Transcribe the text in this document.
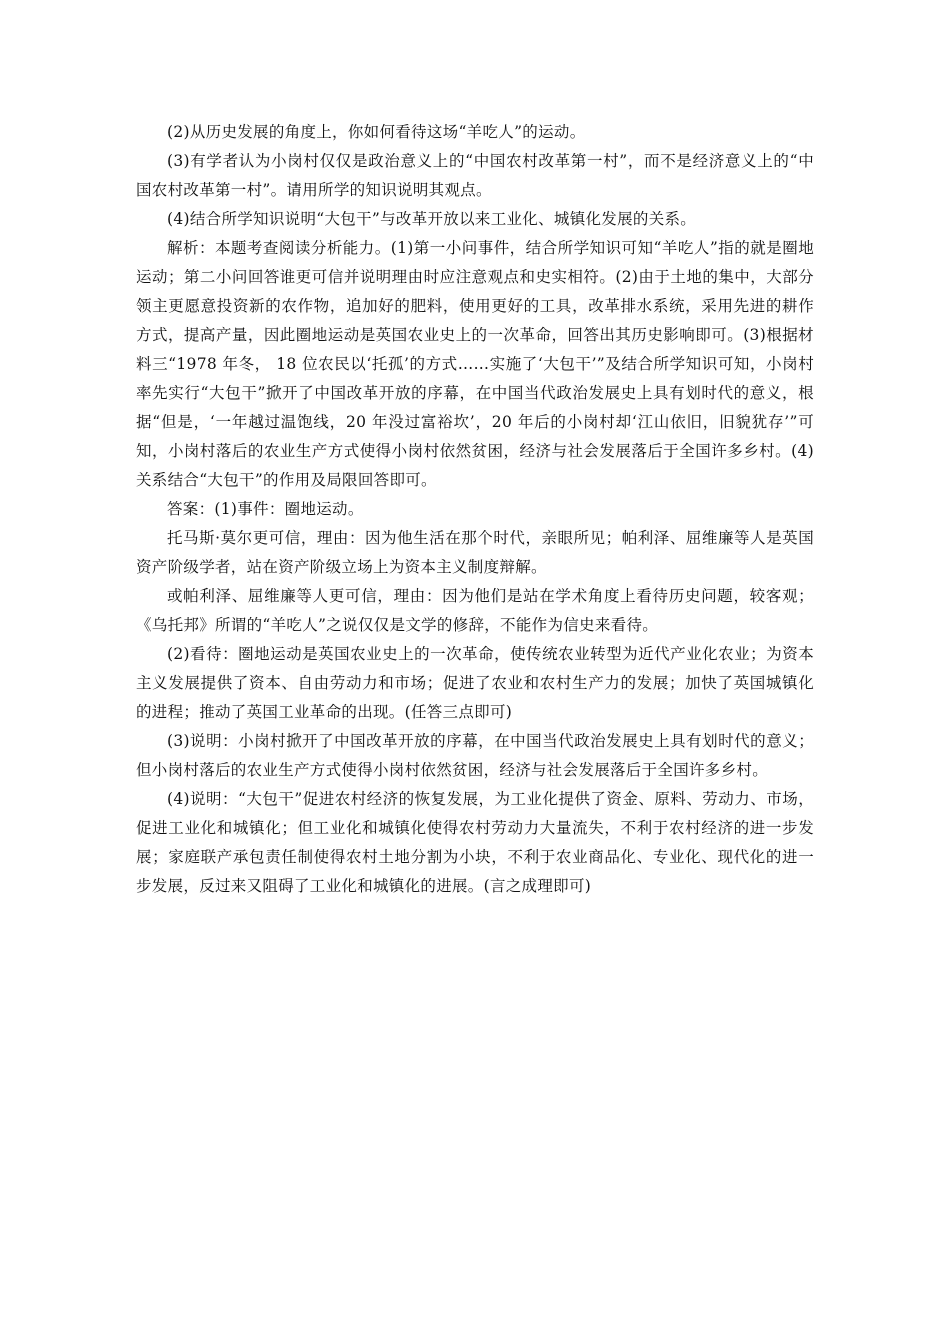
(2)从历史发展的角度上，你如何看待这场“羊吃人”的运动。

(3)有学者认为小岗村仅仅是政治意义上的“中国农村改革第一村”，而不是经济意义上的“中国农村改革第一村”。请用所学的知识说明其观点。

(4)结合所学知识说明“大包干”与改革开放以来工业化、城镇化发展的关系。

解析：本题考查阅读分析能力。(1)第一小问事件，结合所学知识可知“羊吃人”指的就是圈地运动；第二小问回答谁更可信并说明理由时应注意观点和史实相符。(2)由于土地的集中，大部分领主更愿意投资新的农作物，追加好的肥料，使用更好的工具，改革排水系统，采用先进的耕作方式，提高产量，因此圈地运动是英国农业史上的一次革命，回答出其历史影响即可。(3)根据材料三“1978 年冬， 18 位农民以‘托孤’的方式……实施了‘大包干’”及结合所学知识可知，小岗村率先实行“大包干”掀开了中国改革开放的序幕，在中国当代政治发展史上具有划时代的意义，根据“但是，‘一年越过温饱线，20 年没过富裕坎’，20 年后的小岗村却‘江山依旧，旧貌犹存’”可知，小岗村落后的农业生产方式使得小岗村依然贫困，经济与社会发展落后于全国许多乡村。(4)关系结合“大包干”的作用及局限回答即可。

答案：(1)事件：圈地运动。

托马斯·莫尔更可信，理由：因为他生活在那个时代，亲眼所见；帕利泽、屈维廉等人是英国资产阶级学者，站在资产阶级立场上为资本主义制度辩解。

或帕利泽、屈维廉等人更可信，理由：因为他们是站在学术角度上看待历史问题，较客观；《乌托邦》所谓的“羊吃人”之说仅仅是文学的修辞，不能作为信史来看待。

(2)看待：圈地运动是英国农业史上的一次革命，使传统农业转型为近代产业化农业；为资本主义发展提供了资本、自由劳动力和市场；促进了农业和农村生产力的发展；加快了英国城镇化的进程；推动了英国工业革命的出现。(任答三点即可)

(3)说明：小岗村掀开了中国改革开放的序幕，在中国当代政治发展史上具有划时代的意义；但小岗村落后的农业生产方式使得小岗村依然贫困，经济与社会发展落后于全国许多乡村。

(4)说明：“大包干”促进农村经济的恢复发展，为工业化提供了资金、原料、劳动力、市场，促进工业化和城镇化；但工业化和城镇化使得农村劳动力大量流失，不利于农村经济的进一步发展；家庭联产承包责任制使得农村土地分割为小块，不利于农业商品化、专业化、现代化的进一步发展，反过来又阻碍了工业化和城镇化的进展。(言之成理即可)
